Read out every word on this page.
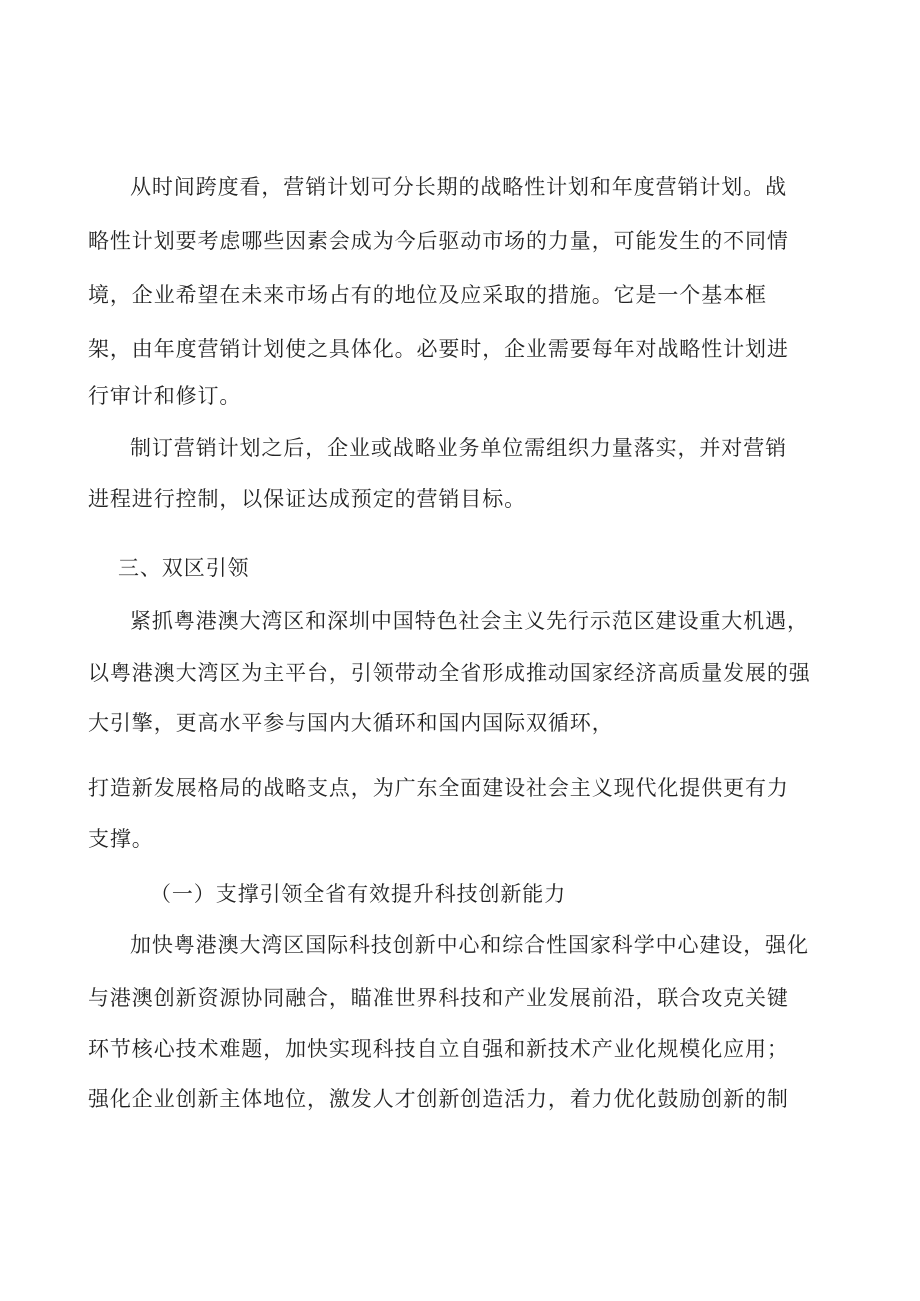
从时间跨度看，营销计划可分长期的战略性计划和年度营销计划。战

略性计划要考虑哪些因素会成为今后驱动市场的力量，可能发生的不同情

境，企业希望在未来市场占有的地位及应采取的措施。它是一个基本框

架，由年度营销计划使之具体化。必要时，企业需要每年对战略性计划进

行审计和修订。

制订营销计划之后，企业或战略业务单位需组织力量落实，并对营销

进程进行控制，以保证达成预定的营销目标。

三、双区引领

紧抓粤港澳大湾区和深圳中国特色社会主义先行示范区建设重大机遇，

以粤港澳大湾区为主平台，引领带动全省形成推动国家经济高质量发展的强

大引擎，更高水平参与国内大循环和国内国际双循环，

打造新发展格局的战略支点，为广东全面建设社会主义现代化提供更有力

支撑。

（一）支撑引领全省有效提升科技创新能力

加快粤港澳大湾区国际科技创新中心和综合性国家科学中心建设，强化

与港澳创新资源协同融合，瞄准世界科技和产业发展前沿，联合攻克关键

环节核心技术难题，加快实现科技自立自强和新技术产业化规模化应用；

强化企业创新主体地位，激发人才创新创造活力，着力优化鼓励创新的制
